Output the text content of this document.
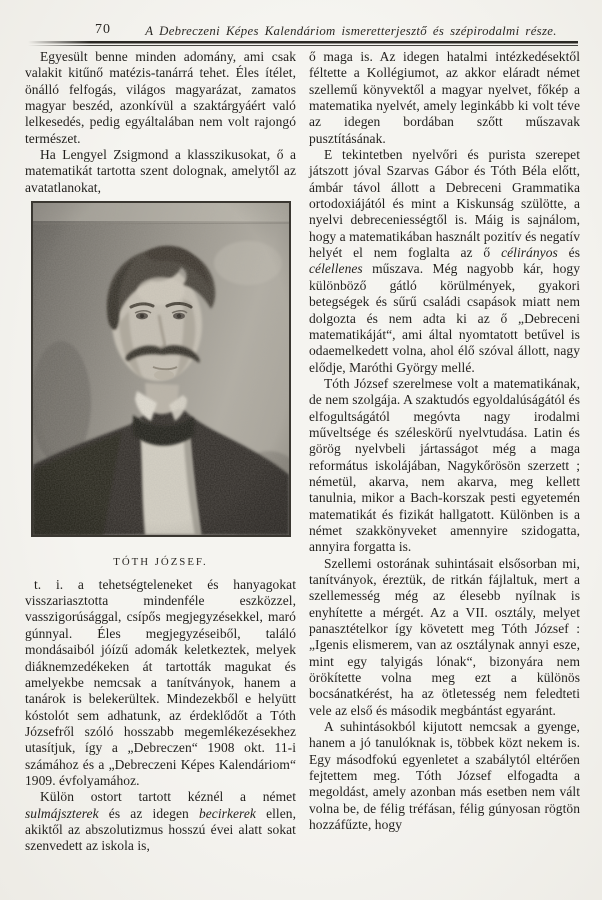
70	A Debreczeni Képes Kalendáriom ismeretterjesztő és szépirodalmi része.

Egyesült benne minden adomány, ami csak valakit kitűnő matézis-tanárrá tehet. Éles ítélet, önálló felfogás, világos magyarázat, zamatos magyar beszéd, azonkívül a szaktárgyáért való lelkesedés, pedig egyáltalában nem volt rajongó természet.

Ha Lengyel Zsigmond a klasszikusokat, ő a matematikát tartotta szent dolognak, amelytől az avatatlanokat,

TÓTH JÓZSEF.

t. i. a tehetségteleneket és hanyagokat visszariasztotta mindenféle eszközzel, vasszigorúsággal, csípős megjegyzésekkel, maró gúnnyal. Éles megjegyzéseiből, találó mondásaiból jóízű adomák keletkeztek, melyek diáknemzedékeken át tartották magukat és amelyekbe nemcsak a tanítványok, hanem a tanárok is belekerültek. Mindezekből e helyütt kóstolót sem adhatunk, az érdeklődőt a Tóth Józsefről szóló hosszabb megemlékezésekhez utasítjuk, így a „Debreczen“ 1908 okt. 11-i számához és a „Debreczeni Képes Kalendáriom“ 1909. évfolyamához.

Külön ostort tartott kéznél a német sulmájszterek és az idegen becirkerek ellen, akiktől az abszolutizmus hosszú évei alatt sokat szenvedett az iskola is,

ő maga is. Az idegen hatalmi intézkedésektől féltette a Kollégiumot, az akkor eláradt német szellemű könyvektől a magyar nyelvet, főkép a matematika nyelvét, amely leginkább ki volt téve az idegen bordában szőtt műszavak pusztításának.

E tekintetben nyelvőri és purista szerepet játszott jóval Szarvas Gábor és Tóth Béla előtt, ámbár távol állott a Debreceni Grammatika ortodoxiájától és mint a Kiskunság szülötte, a nyelvi debreceniességtől is. Máig is sajnálom, hogy a matematikában használt pozitív és negatív helyét el nem foglalta az ő célirányos és célellenes műszava. Még nagyobb kár, hogy különböző gátló körülmények, gyakori betegségek és sűrű családi csapások miatt nem dolgozta és nem adta ki az ő „Debreceni matematikáját“, ami által nyomtatott betűvel is odaemelkedett volna, ahol élő szóval állott, nagy elődje, Maróthi György mellé.

Tóth József szerelmese volt a matematikának, de nem szolgája. A szaktudós egyoldalúságától és elfogultságától megóvta nagy irodalmi műveltsége és széleskörű nyelvtudása. Latin és görög nyelvbeli jártasságot még a maga református iskolájában, Nagykőrösön szerzett ; németül, akarva, nem akarva, meg kellett tanulnia, mikor a Bach-korszak pesti egyetemén matematikát és fizikát hallgatott. Különben is a német szakkönyveket amennyire szidogatta, annyira forgatta is.

Szellemi ostorának suhintásait elsősorban mi, tanítványok, éreztük, de ritkán fájlaltuk, mert a szellemesség még az élesebb nyílnak is enyhítette a mérgét. Az a VII. osztály, melyet panasztételkor így követett meg Tóth József : „Igenis elismerem, van az osztálynak annyi esze, mint egy talyigás lónak“, bizonyára nem örökítette volna meg ezt a különös bocsánatkérést, ha az ötletesség nem feledteti vele az első és második megbántást egyaránt.

A suhintásokból kijutott nemcsak a gyenge, hanem a jó tanulóknak is, többek közt nekem is. Egy másodfokú egyenletet a szabálytól eltérően fejtettem meg. Tóth József elfogadta a megoldást, amely azonban más esetben nem vált volna be, de félig tréfásan, félig gúnyosan rögtön hozzáfűzte, hogy
